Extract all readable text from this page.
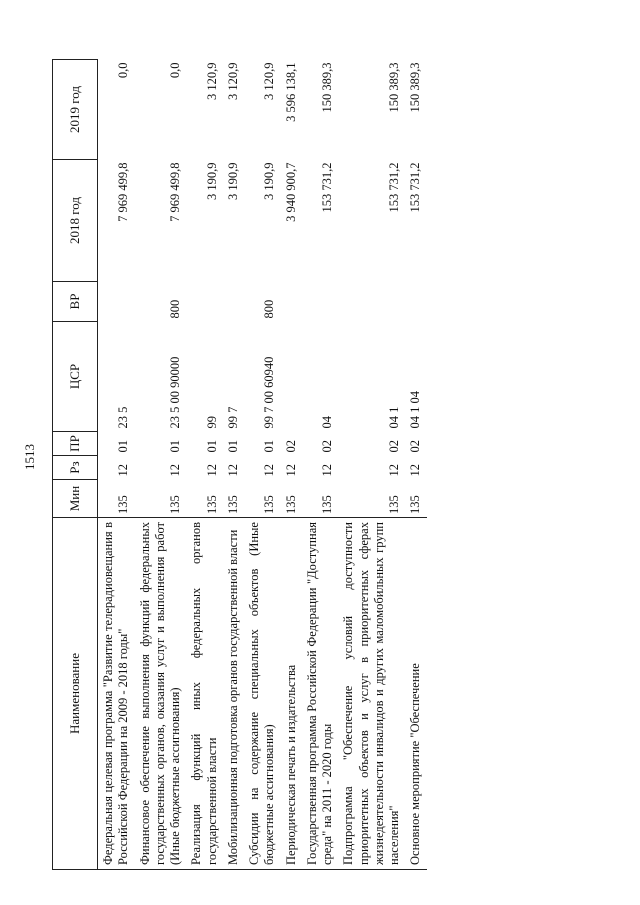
1513
Наименование	Мин	Рз	ПР	ЦСР	ВР	2018 год	2019 год
Федеральная целевая программа "Развитие телерадиовещания в Российской Федерации на 2009 - 2018 годы"	135	12	01	23 5		7 969 499,8	0,0
Финансовое обеспечение выполнения функций федеральных государственных органов, оказания услуг и выполнения работ (Иные бюджетные ассигнования)	135	12	01	23 5 00 90000	800	7 969 499,8	0,0
Реализация функций иных федеральных органов государственной власти	135	12	01	99		3 190,9	3 120,9
Мобилизационная подготовка органов государственной власти	135	12	01	99 7		3 190,9	3 120,9
Субсидии на содержание специальных объектов (Иные бюджетные ассигнования)	135	12	01	99 7 00 60940	800	3 190,9	3 120,9
Периодическая печать и издательства	135	12	02			3 940 900,7	3 596 138,1
Государственная программа Российской Федерации "Доступная среда" на 2011 - 2020 годы	135	12	02	04		153 731,2	150 389,3
Подпрограмма "Обеспечение условий доступности приоритетных объектов и услуг в приоритетных сферах жизнедеятельности инвалидов и других маломобильных групп населения"	135	12	02	04 1		153 731,2	150 389,3
Основное мероприятие "Обеспечение	135	12	02	04 1 04		153 731,2	150 389,3
